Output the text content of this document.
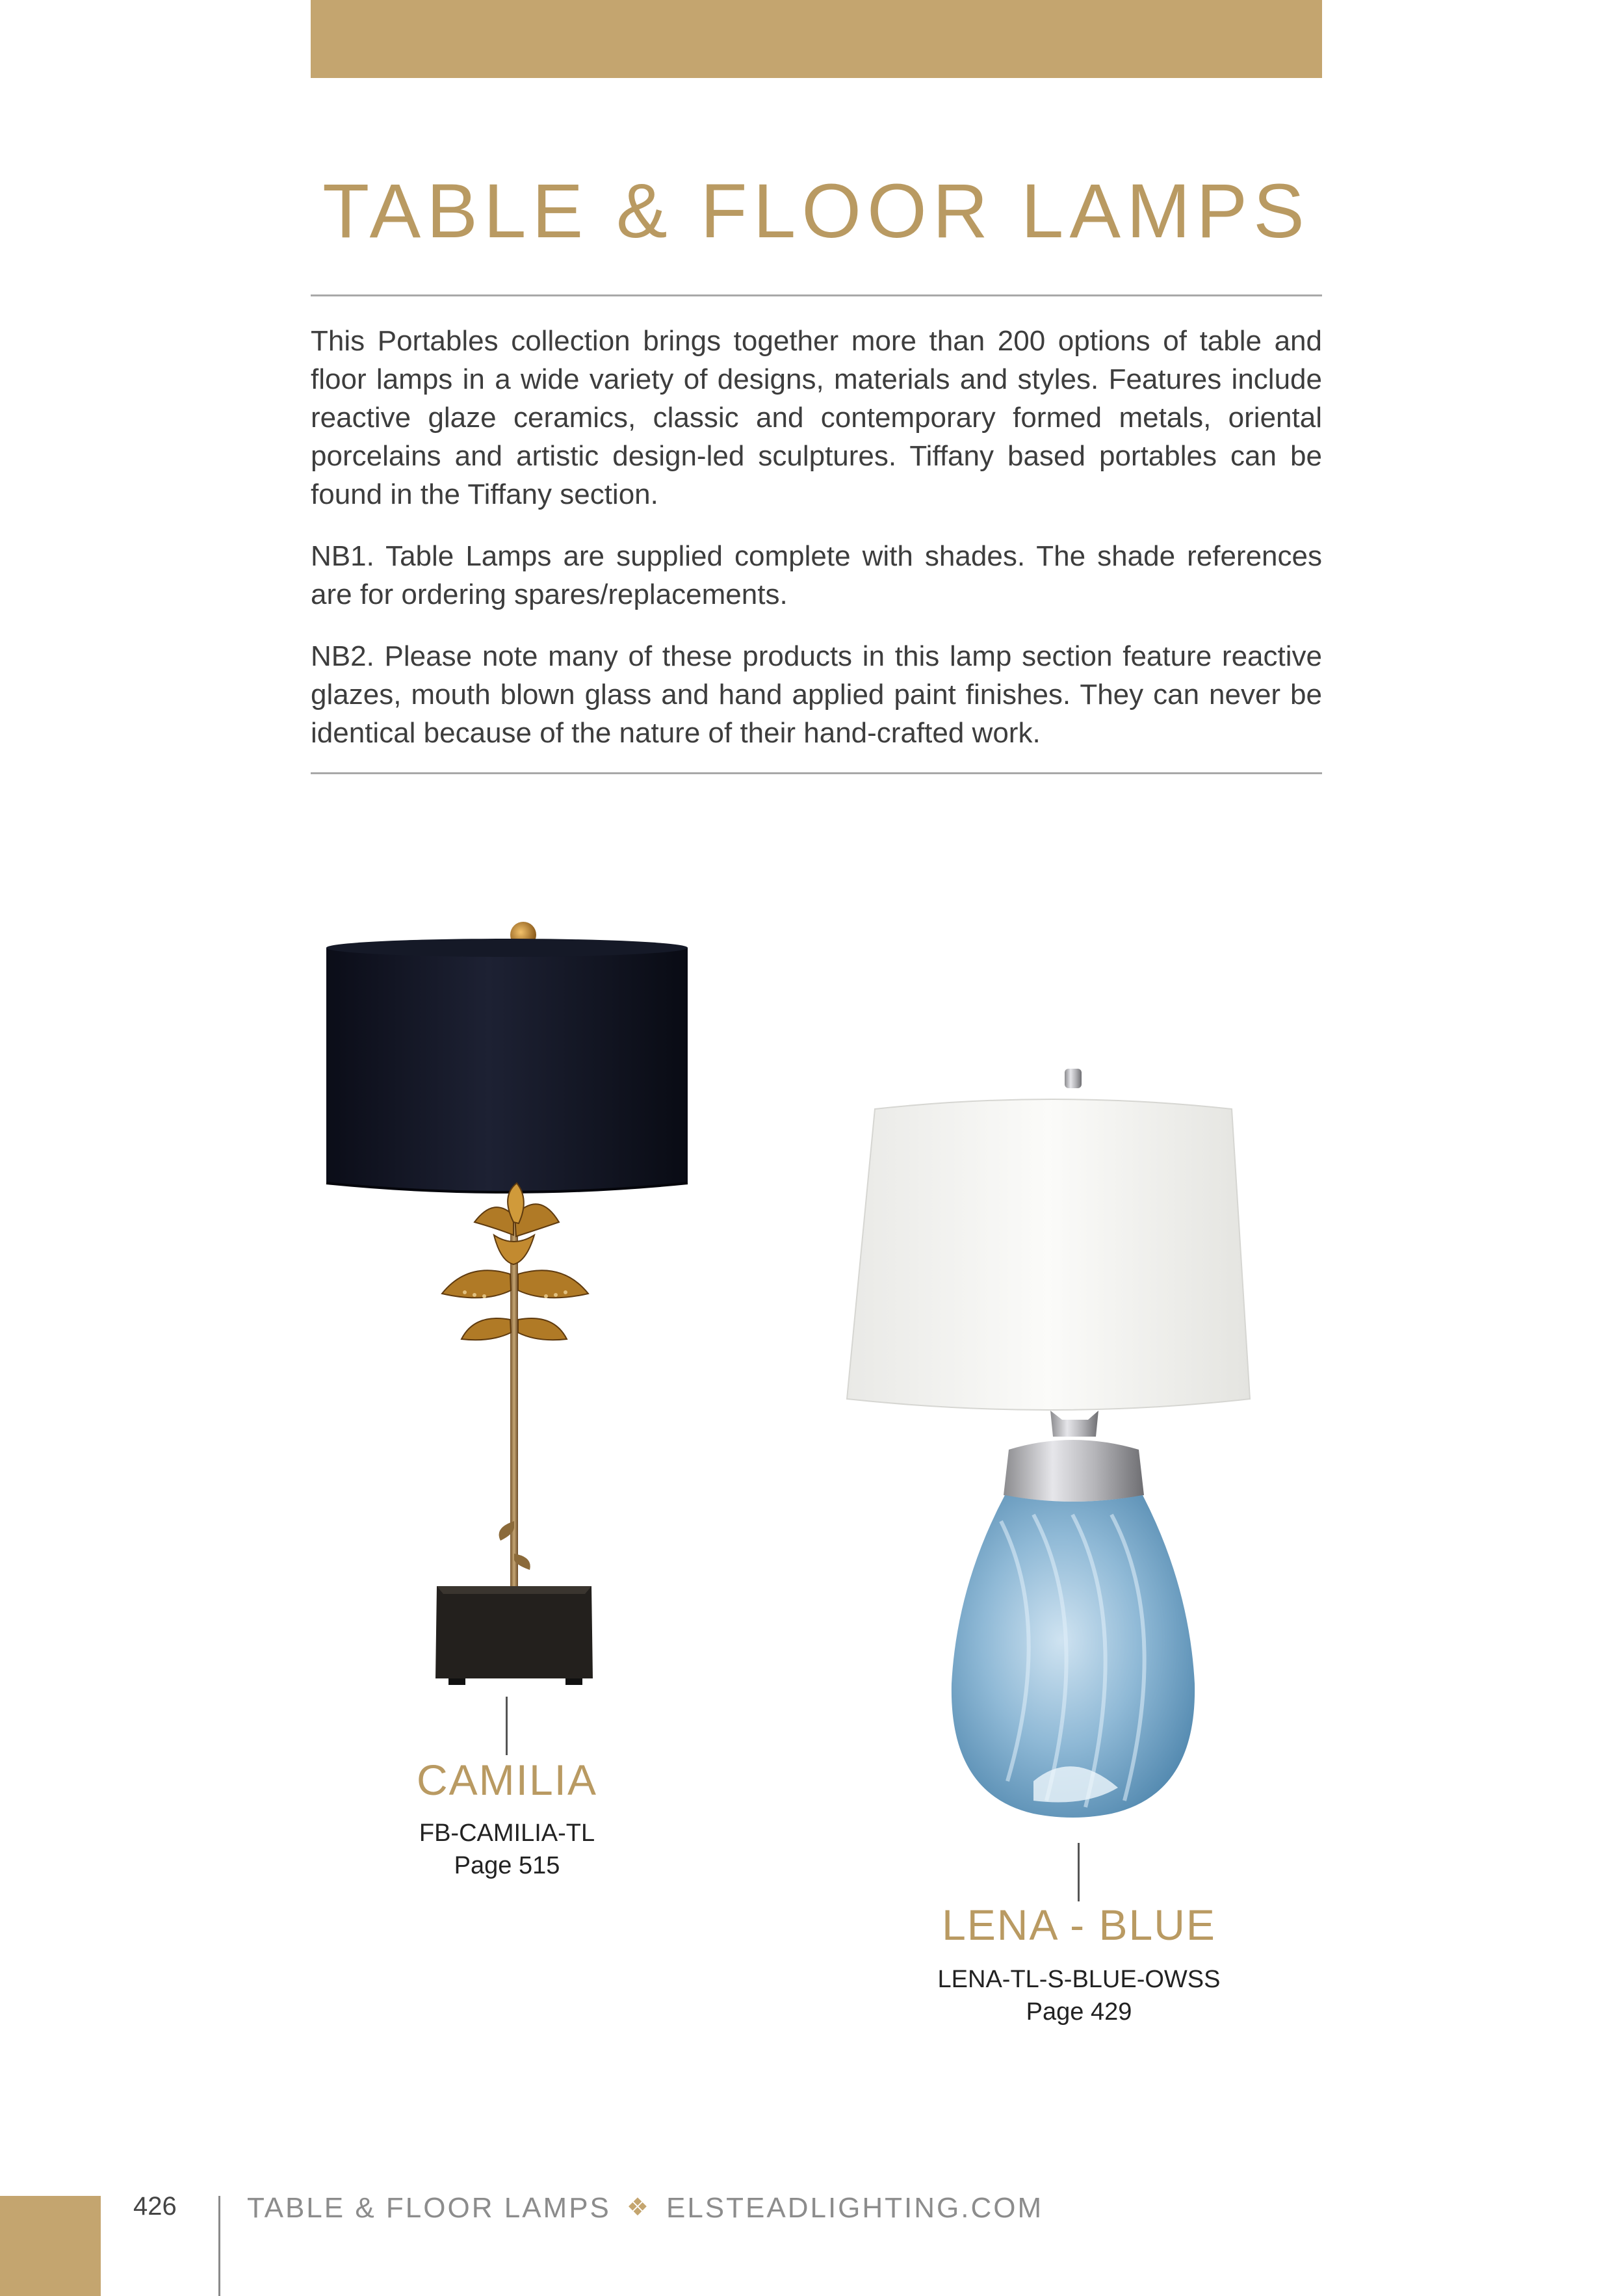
TABLE & FLOOR LAMPS

This Portables collection brings together more than 200 options of table and floor lamps in a wide variety of designs, materials and styles. Features include reactive glaze ceramics, classic and contemporary formed metals, oriental porcelains and artistic design-led sculptures. Tiffany based portables can be found in the Tiffany section.

NB1. Table Lamps are supplied complete with shades. The shade references are for ordering spares/replacements.

NB2. Please note many of these products in this lamp section feature reactive glazes, mouth blown glass and hand applied paint finishes. They can never be identical because of the nature of their hand-crafted work.

CAMILIA
FB-CAMILIA-TL
Page 515
LENA - BLUE
LENA-TL-S-BLUE-OWSS
Page 429
426 TABLE & FLOOR LAMPS ❖ ELSTEADLIGHTING.COM
